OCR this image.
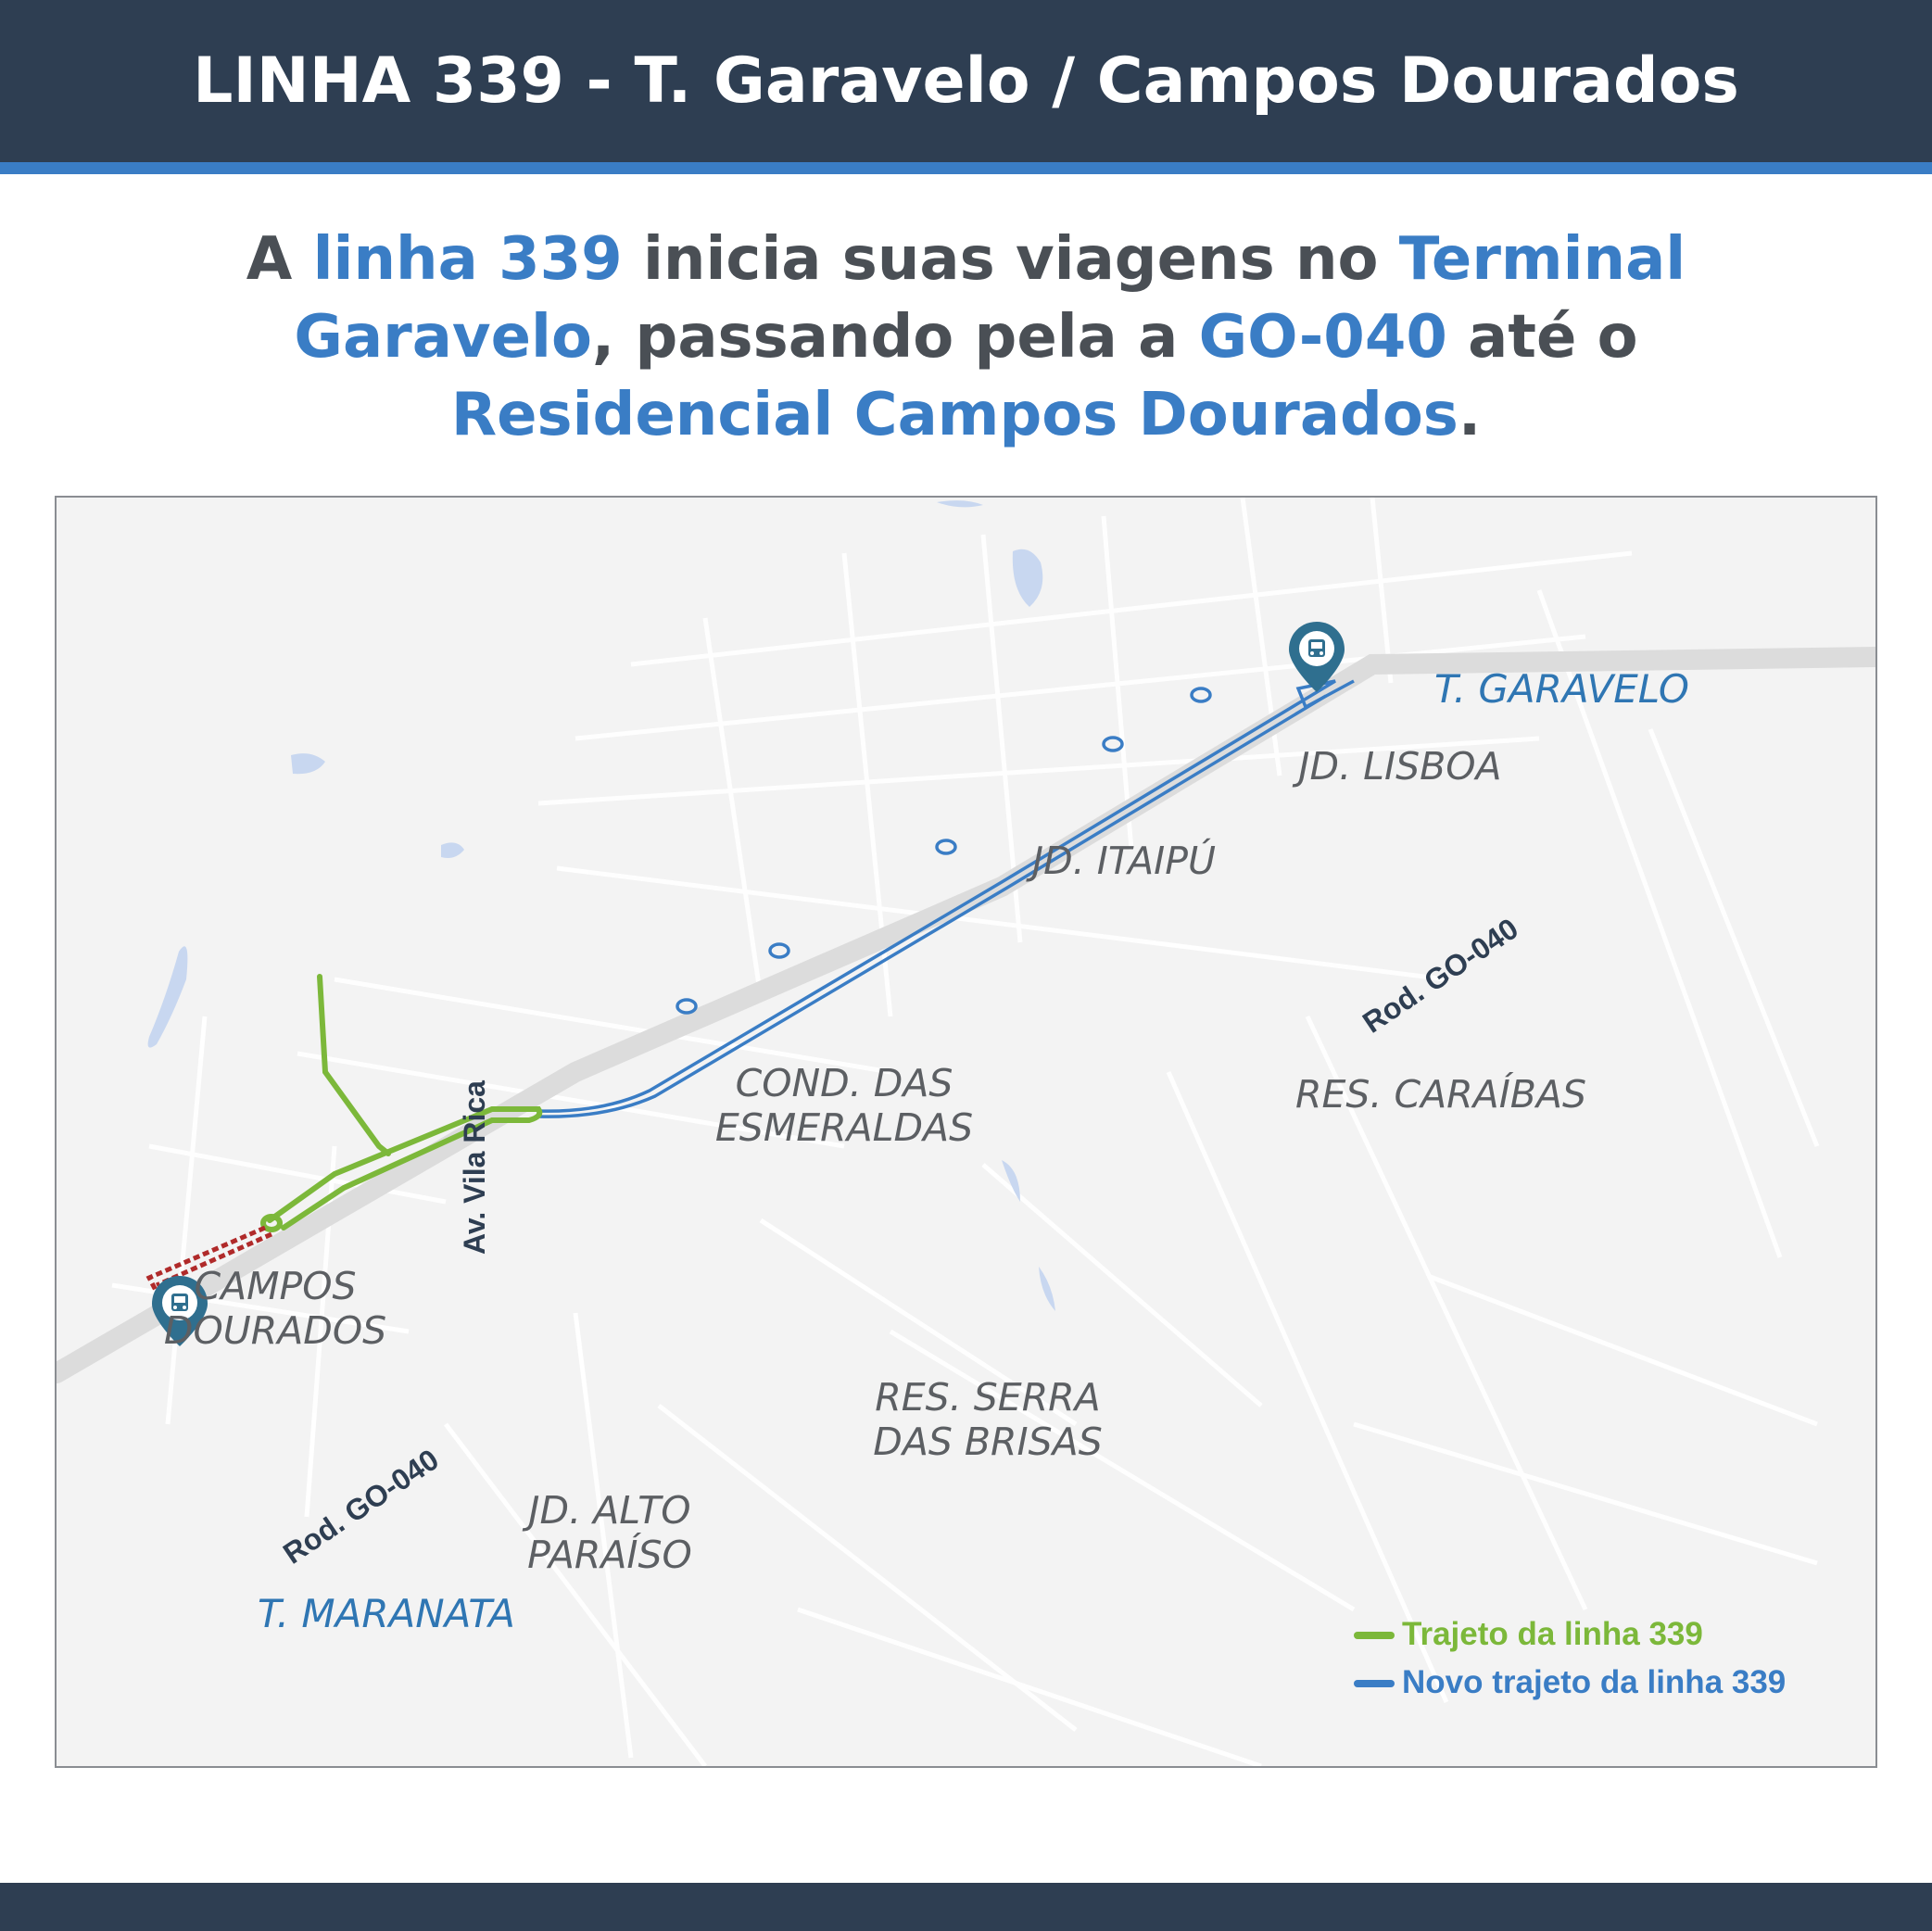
LINHA 339 - T. Garavelo / Campos Dourados
A linha 339 inicia suas viagens no Terminal Garavelo, passando pela a GO-040 até o Residencial Campos Dourados.
JD. LISBOA
JD. ITAIPÚ
COND. DAS
ESMERALDAS
RES. CARAÍBAS
CAMPOS
DOURADOS
RES. SERRA
DAS BRISAS
JD. ALTO
PARAÍSO
Rod. GO-040
Rod. GO-040
Av. Vila Rica
T. GARAVELO
T. MARANATA	Trajeto da linha 339
Novo trajeto da linha 339
